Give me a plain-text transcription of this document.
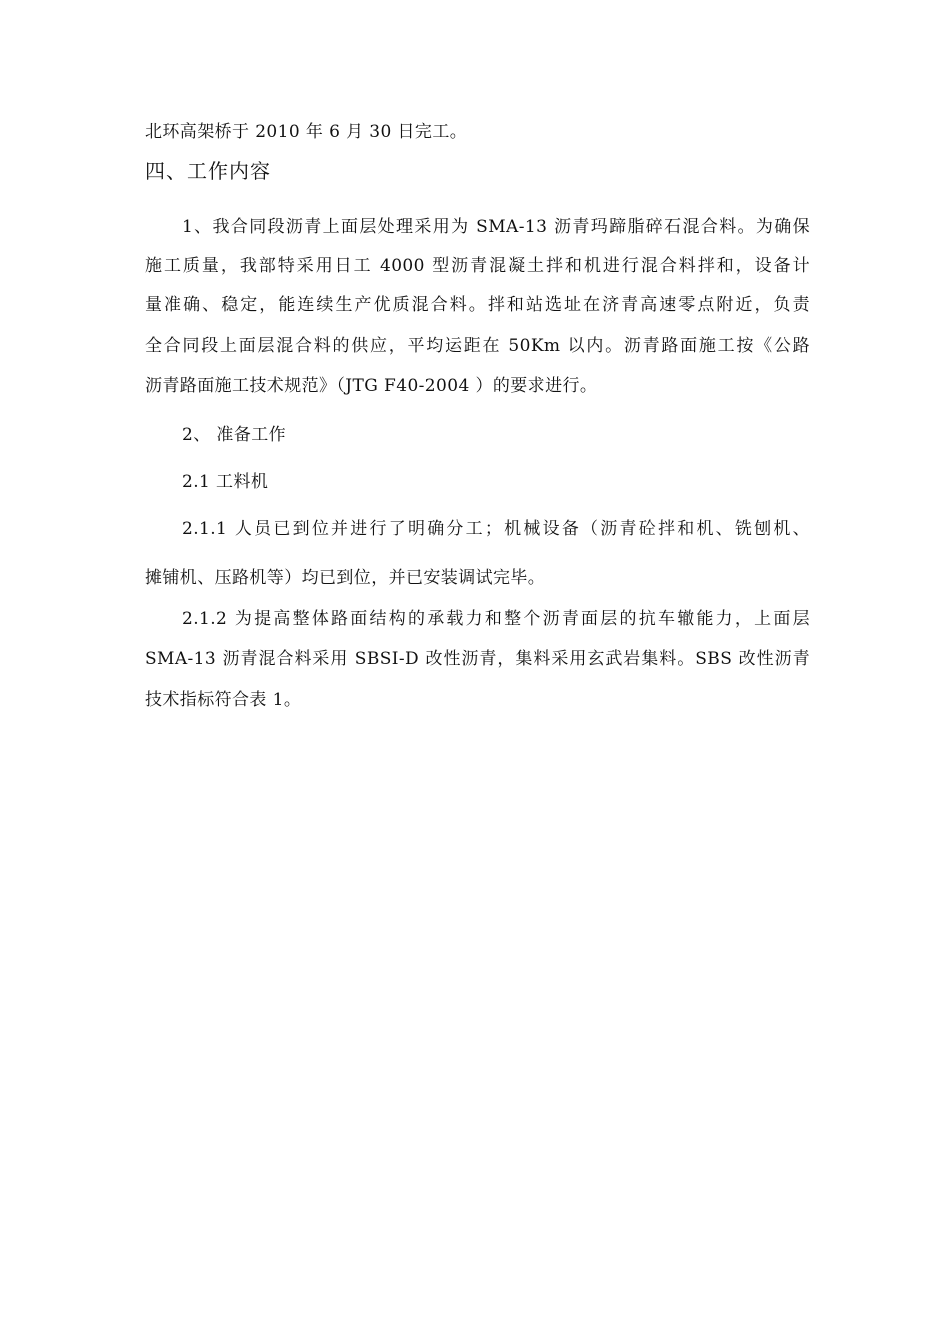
北环高架桥于 2010 年 6 月 30 日完工。
四、工作内容
1、我合同段沥青上面层处理采用为 SMA-13 沥青玛蹄脂碎石混合料。为确保
施工质量，我部特采用日工 4000 型沥青混凝土拌和机进行混合料拌和，设备计
量准确、稳定，能连续生产优质混合料。拌和站选址在济青高速零点附近，负责
全合同段上面层混合料的供应，平均运距在 50Km 以内。沥青路面施工按《公路
沥青路面施工技术规范》（JTG F40-2004 ）的要求进行。
2、 准备工作
2.1 工料机
2.1.1 人员已到位并进行了明确分工；机械设备（沥青砼拌和机、铣刨机、
摊铺机、压路机等）均已到位，并已安装调试完毕。
2.1.2 为提高整体路面结构的承载力和整个沥青面层的抗车辙能力，上面层
SMA-13 沥青混合料采用 SBSI-D 改性沥青，集料采用玄武岩集料。SBS 改性沥青
技术指标符合表 1。
